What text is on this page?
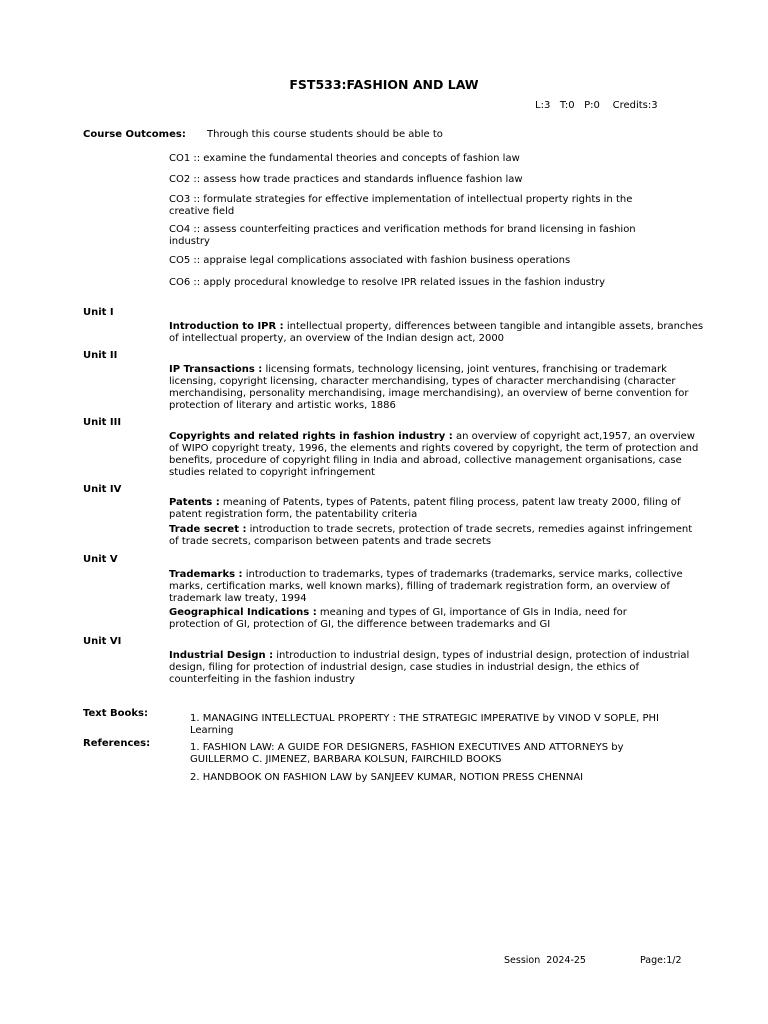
FST533:FASHION AND LAW
L:3   T:0   P:0    Credits:3
Course Outcomes: Through this course students should be able to
CO1 :: examine the fundamental theories and concepts of fashion law
CO2 :: assess how trade practices and standards influence fashion law
CO3 :: formulate strategies for effective implementation of intellectual property rights in the creative field
CO4 :: assess counterfeiting practices and verification methods for brand licensing in fashion industry
CO5 :: appraise legal complications associated with fashion business operations
CO6 :: apply procedural knowledge to resolve IPR related issues in the fashion industry
Unit I
Introduction to IPR : intellectual property, differences between tangible and intangible assets, branches of intellectual property, an overview of the Indian design act, 2000
Unit II
IP Transactions : licensing formats, technology licensing, joint ventures, franchising or trademark licensing, copyright licensing, character merchandising, types of character merchandising (character merchandising, personality merchandising, image merchandising), an overview of berne convention for protection of literary and artistic works, 1886
Unit III
Copyrights and related rights in fashion industry : an overview of copyright act,1957, an overview of WIPO copyright treaty, 1996, the elements and rights covered by copyright, the term of protection and benefits, procedure of copyright filing in India and abroad, collective management organisations, case studies related to copyright infringement
Unit IV
Patents : meaning of Patents, types of Patents, patent filing process, patent law treaty 2000, filing of patent registration form, the patentability criteria
Trade secret : introduction to trade secrets, protection of trade secrets, remedies against infringement of trade secrets, comparison between patents and trade secrets
Unit V
Trademarks : introduction to trademarks, types of trademarks (trademarks, service marks, collective marks, certification marks, well known marks), filling of trademark registration form, an overview of trademark law treaty, 1994
Geographical Indications : meaning and types of GI, importance of GIs in India, need for protection of GI, protection of GI, the difference between trademarks and GI
Unit VI
Industrial Design : introduction to industrial design, types of industrial design, protection of industrial design, filing for protection of industrial design, case studies in industrial design, the ethics of counterfeiting in the fashion industry
Text Books:	1. MANAGING INTELLECTUAL PROPERTY : THE STRATEGIC IMPERATIVE by VINOD V SOPLE, PHI Learning
References:	1. FASHION LAW: A GUIDE FOR DESIGNERS, FASHION EXECUTIVES AND ATTORNEYS by GUILLERMO C. JIMENEZ, BARBARA KOLSUN, FAIRCHILD BOOKS
2. HANDBOOK ON FASHION LAW by SANJEEV KUMAR, NOTION PRESS CHENNAI
Session  2024-25	Page:1/2
